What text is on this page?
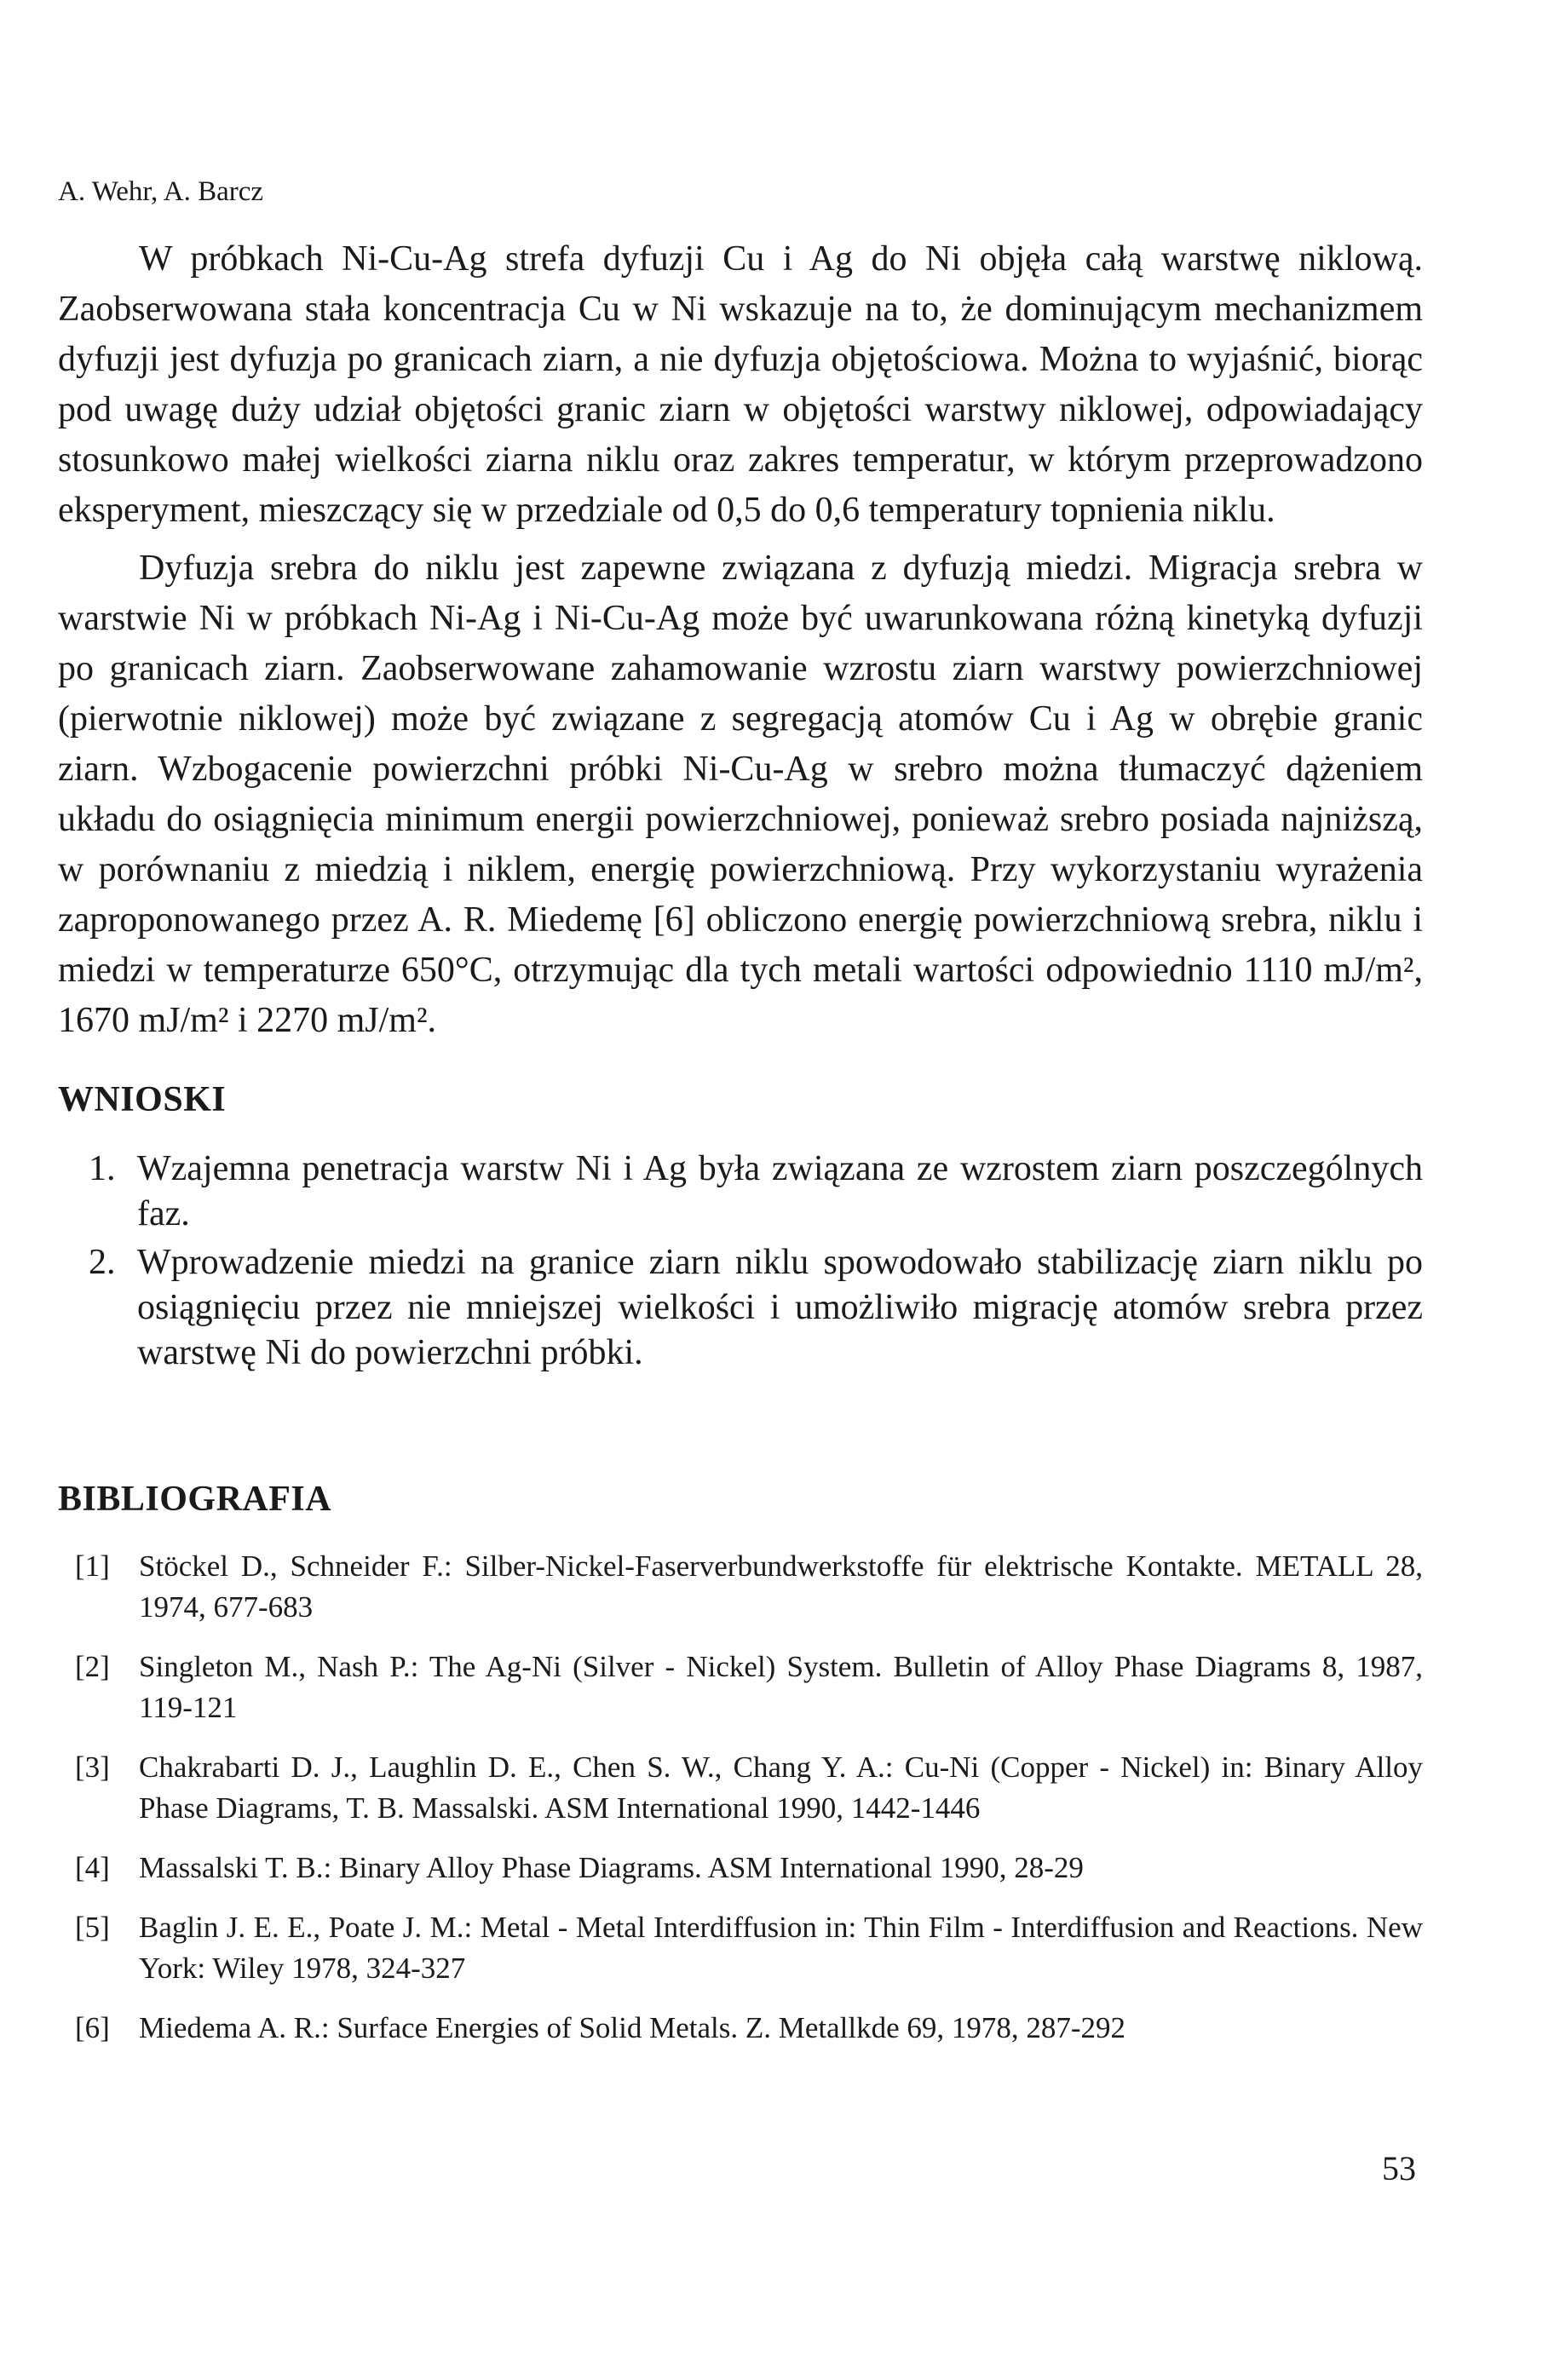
A. Wehr, A. Barcz

W próbkach Ni-Cu-Ag strefa dyfuzji Cu i Ag do Ni objęła całą warstwę niklową. Zaobserwowana stała koncentracja Cu w Ni wskazuje na to, że dominującym mechanizmem dyfuzji jest dyfuzja po granicach ziarn, a nie dyfuzja objętościowa. Można to wyjaśnić, biorąc pod uwagę duży udział objętości granic ziarn w objętości warstwy niklowej, odpowiadający stosunkowo małej wielkości ziarna niklu oraz zakres temperatur, w którym przeprowadzono eksperyment, mieszczący się w przedziale od 0,5 do 0,6 temperatury topnienia niklu.

Dyfuzja srebra do niklu jest zapewne związana z dyfuzją miedzi. Migracja srebra w warstwie Ni w próbkach Ni-Ag i Ni-Cu-Ag może być uwarunkowana różną kinetyką dyfuzji po granicach ziarn. Zaobserwowane zahamowanie wzrostu ziarn warstwy powierzchniowej (pierwotnie niklowej) może być związane z segregacją atomów Cu i Ag w obrębie granic ziarn. Wzbogacenie powierzchni próbki Ni-Cu-Ag w srebro można tłumaczyć dążeniem układu do osiągnięcia minimum energii powierzchniowej, ponieważ srebro posiada najniższą, w porównaniu z miedzią i niklem, energię powierzchniową. Przy wykorzystaniu wyrażenia zaproponowanego przez A. R. Miedemę [6] obliczono energię powierzchniową srebra, niklu i miedzi w temperaturze 650°C, otrzymując dla tych metali wartości odpowiednio 1110 mJ/m², 1670 mJ/m² i 2270 mJ/m².

WNIOSKI
1. Wzajemna penetracja warstw Ni i Ag była związana ze wzrostem ziarn poszczególnych faz.
2. Wprowadzenie miedzi na granice ziarn niklu spowodowało stabilizację ziarn niklu po osiągnięciu przez nie mniejszej wielkości i umożliwiło migrację atomów srebra przez warstwę Ni do powierzchni próbki.
BIBLIOGRAFIA
[1] Stöckel D., Schneider F.: Silber-Nickel-Faserverbundwerkstoffe für elektrische Kontakte. METALL 28, 1974, 677-683
[2] Singleton M., Nash P.: The Ag-Ni (Silver - Nickel) System. Bulletin of Alloy Phase Diagrams 8, 1987, 119-121
[3] Chakrabarti D. J., Laughlin D. E., Chen S. W., Chang Y. A.: Cu-Ni (Copper - Nickel) in: Binary Alloy Phase Diagrams, T. B. Massalski. ASM International 1990, 1442-1446
[4] Massalski T. B.: Binary Alloy Phase Diagrams. ASM International 1990, 28-29
[5] Baglin J. E. E., Poate J. M.: Metal - Metal Interdiffusion in: Thin Film - Interdiffusion and Reactions. New York: Wiley 1978, 324-327
[6] Miedema A. R.: Surface Energies of Solid Metals. Z. Metallkde 69, 1978, 287-292
53
